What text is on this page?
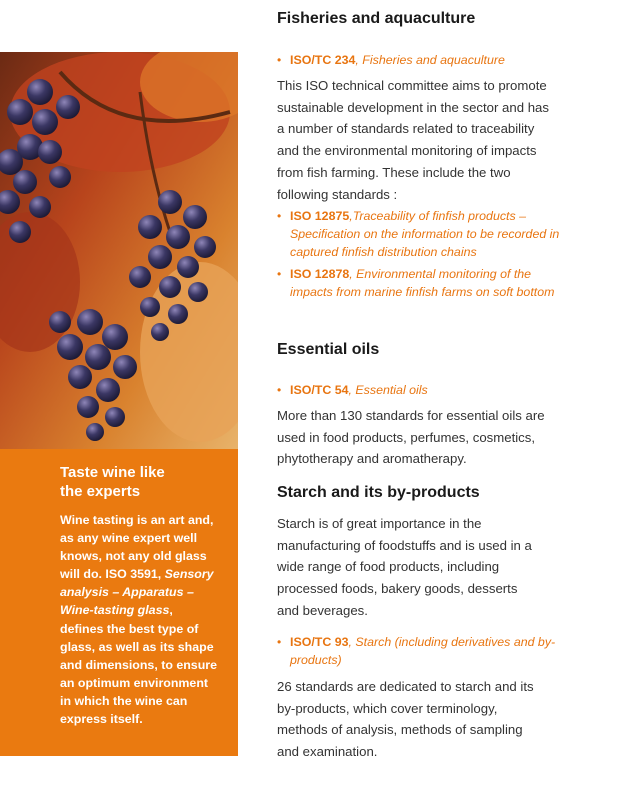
Taste wine like the experts

Wine tasting is an art and, as any wine expert well knows, not any old glass will do. ISO 3591, Sensory analysis – Apparatus – Wine-tasting glass, defines the best type of glass, as well as its shape and dimensions, to ensure an optimum environment in which the wine can express itself.

Fisheries and aquaculture
• ISO/TC 234, Fisheries and aquaculture

This ISO technical committee aims to promote sustainable development in the sector and has a number of standards related to traceability and the environmental monitoring of impacts from fish farming. These include the two following standards :

• ISO 12875,Traceability of finfish products – Specification on the information to be recorded in captured finfish distribution chains
• ISO 12878, Environmental monitoring of the impacts from marine finfish farms on soft bottom
Essential oils
• ISO/TC 54, Essential oils

More than 130 standards for essential oils are used in food products, perfumes, cosmetics, phytotherapy and aromatherapy.

Starch and its by-products

Starch is of great importance in the manufacturing of foodstuffs and is used in a wide range of food products, including processed foods, bakery goods, desserts and beverages.

• ISO/TC 93, Starch (including derivatives and by-products)

26 standards are dedicated to starch and its by-products, which cover terminology, methods of analysis, methods of sampling and examination.
